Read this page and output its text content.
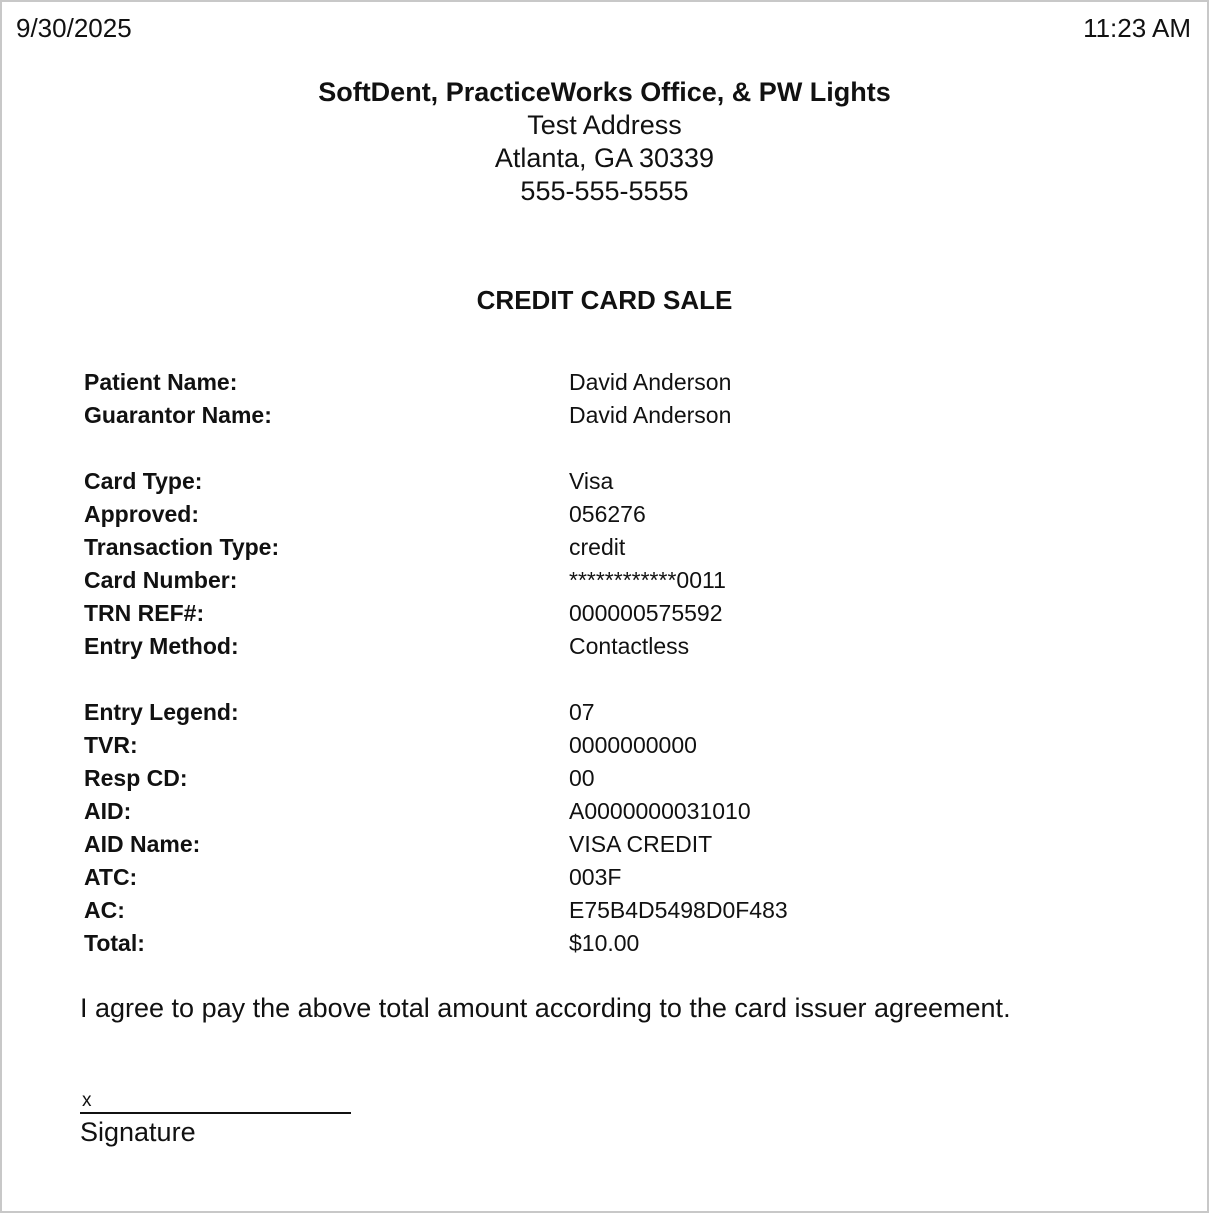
9/30/2025	11:23 AM
SoftDent, PracticeWorks Office, & PW Lights
Test Address
Atlanta, GA 30339
555-555-5555
CREDIT CARD SALE
Patient Name:	David Anderson
Guarantor Name:	David Anderson
Card Type:	Visa
Approved:	056276
Transaction Type:	credit
Card Number:	************0011
TRN REF#:	000000575592
Entry Method:	Contactless
Entry Legend:	07
TVR:	0000000000
Resp CD:	00
AID:	A0000000031010
AID Name:	VISA CREDIT
ATC:	003F
AC:	E75B4D5498D0F483
Total:	$10.00
I agree to pay the above total amount according to the card issuer agreement.
x
Signature
